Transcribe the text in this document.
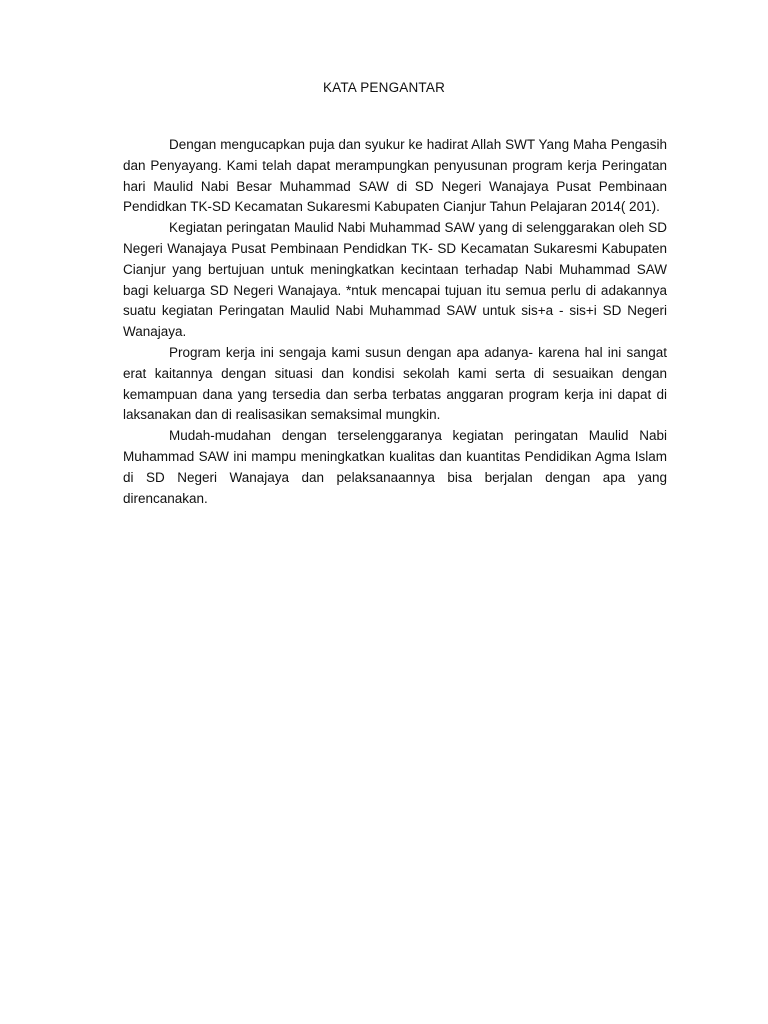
KATA PENGANTAR

Dengan mengucapkan puja dan syukur ke hadirat Allah SWT Yang Maha Pengasih dan Penyayang. Kami telah dapat merampungkan penyusunan program kerja Peringatan hari Maulid Nabi Besar Muhammad SAW di SD Negeri Wanajaya Pusat Pembinaan Pendidkan TK-SD Kecamatan Sukaresmi Kabupaten Cianjur Tahun Pelajaran 2014( 201).

Kegiatan peringatan Maulid Nabi Muhammad SAW yang di selenggarakan oleh SD Negeri Wanajaya Pusat Pembinaan Pendidkan TK- SD Kecamatan Sukaresmi Kabupaten Cianjur yang bertujuan untuk meningkatkan kecintaan terhadap Nabi Muhammad SAW bagi keluarga SD Negeri Wanajaya. *ntuk mencapai tujuan itu semua perlu di adakannya suatu kegiatan Peringatan Maulid Nabi Muhammad SAW untuk sis+a - sis+i SD Negeri Wanajaya.

Program kerja ini sengaja kami susun dengan apa adanya- karena hal ini sangat erat kaitannya dengan situasi dan kondisi sekolah kami serta di sesuaikan dengan kemampuan dana yang tersedia dan serba terbatas anggaran program kerja ini dapat di laksanakan dan di realisasikan semaksimal mungkin.

Mudah-mudahan dengan terselenggaranya kegiatan peringatan Maulid Nabi Muhammad SAW ini mampu meningkatkan kualitas dan kuantitas Pendidikan Agma Islam di SD Negeri Wanajaya dan pelaksanaannya bisa berjalan dengan apa yang direncanakan.
